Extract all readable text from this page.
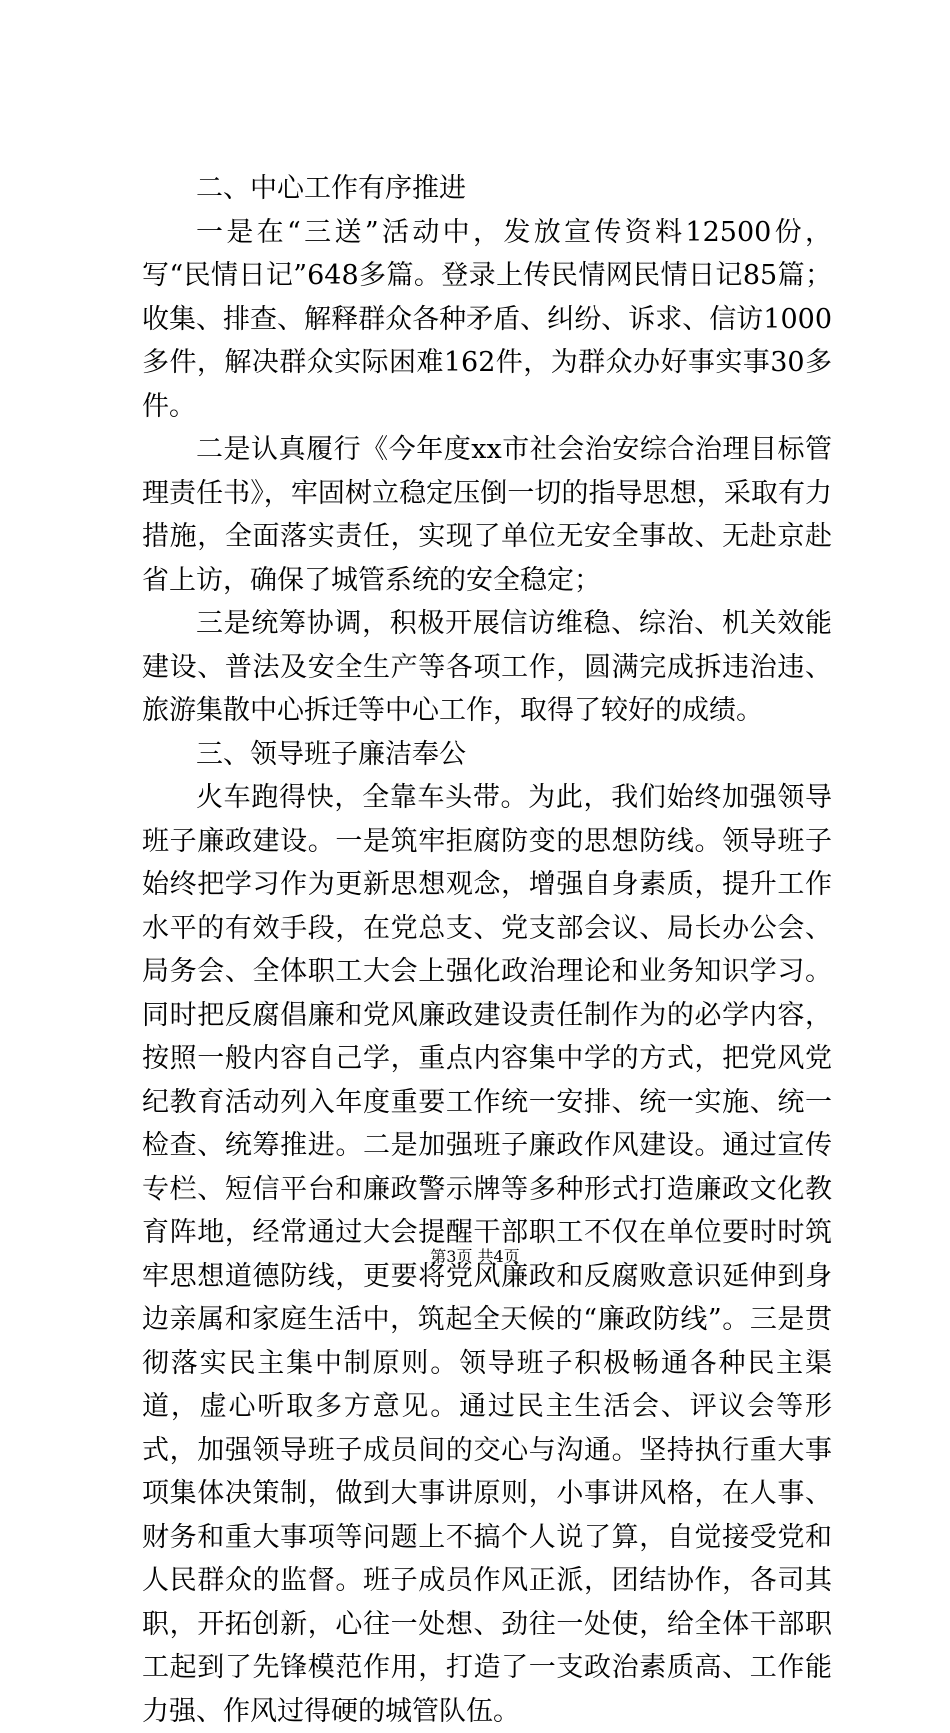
二、中心工作有序推进

一是在“三送”活动中，发放宣传资料12500份，写“民情日记”648多篇。登录上传民情网民情日记85篇；收集、排查、解释群众各种矛盾、纠纷、诉求、信访1000多件，解决群众实际困难162件，为群众办好事实事30多件。

二是认真履行《今年度xx市社会治安综合治理目标管理责任书》，牢固树立稳定压倒一切的指导思想，采取有力措施，全面落实责任，实现了单位无安全事故、无赴京赴省上访，确保了城管系统的安全稳定；

三是统筹协调，积极开展信访维稳、综治、机关效能建设、普法及安全生产等各项工作，圆满完成拆违治违、旅游集散中心拆迁等中心工作，取得了较好的成绩。

三、领导班子廉洁奉公

火车跑得快，全靠车头带。为此，我们始终加强领导班子廉政建设。一是筑牢拒腐防变的思想防线。领导班子始终把学习作为更新思想观念，增强自身素质，提升工作水平的有效手段，在党总支、党支部会议、局长办公会、局务会、全体职工大会上强化政治理论和业务知识学习。同时把反腐倡廉和党风廉政建设责任制作为的必学内容，按照一般内容自己学，重点内容集中学的方式，把党风党纪教育活动列入年度重要工作统一安排、统一实施、统一检查、统筹推进。二是加强班子廉政作风建设。通过宣传专栏、短信平台和廉政警示牌等多种形式打造廉政文化教育阵地，经常通过大会提醒干部职工不仅在单位要时时筑牢思想道德防线，更要将党风廉政和反腐败意识延伸到身边亲属和家庭生活中，筑起全天候的“廉政防线”。三是贯彻落实民主集中制原则。领导班子积极畅通各种民主渠道，虚心听取多方意见。通过民主生活会、评议会等形式，加强领导班子成员间的交心与沟通。坚持执行重大事项集体决策制，做到大事讲原则，小事讲风格，在人事、财务和重大事项等问题上不搞个人说了算，自觉接受党和人民群众的监督。班子成员作风正派，团结协作，各司其职，开拓创新，心往一处想、劲往一处使，给全体干部职工起到了先锋模范作用，打造了一支政治素质高、工作能力强、作风过得硬的城管队伍。

第3页 共4页
